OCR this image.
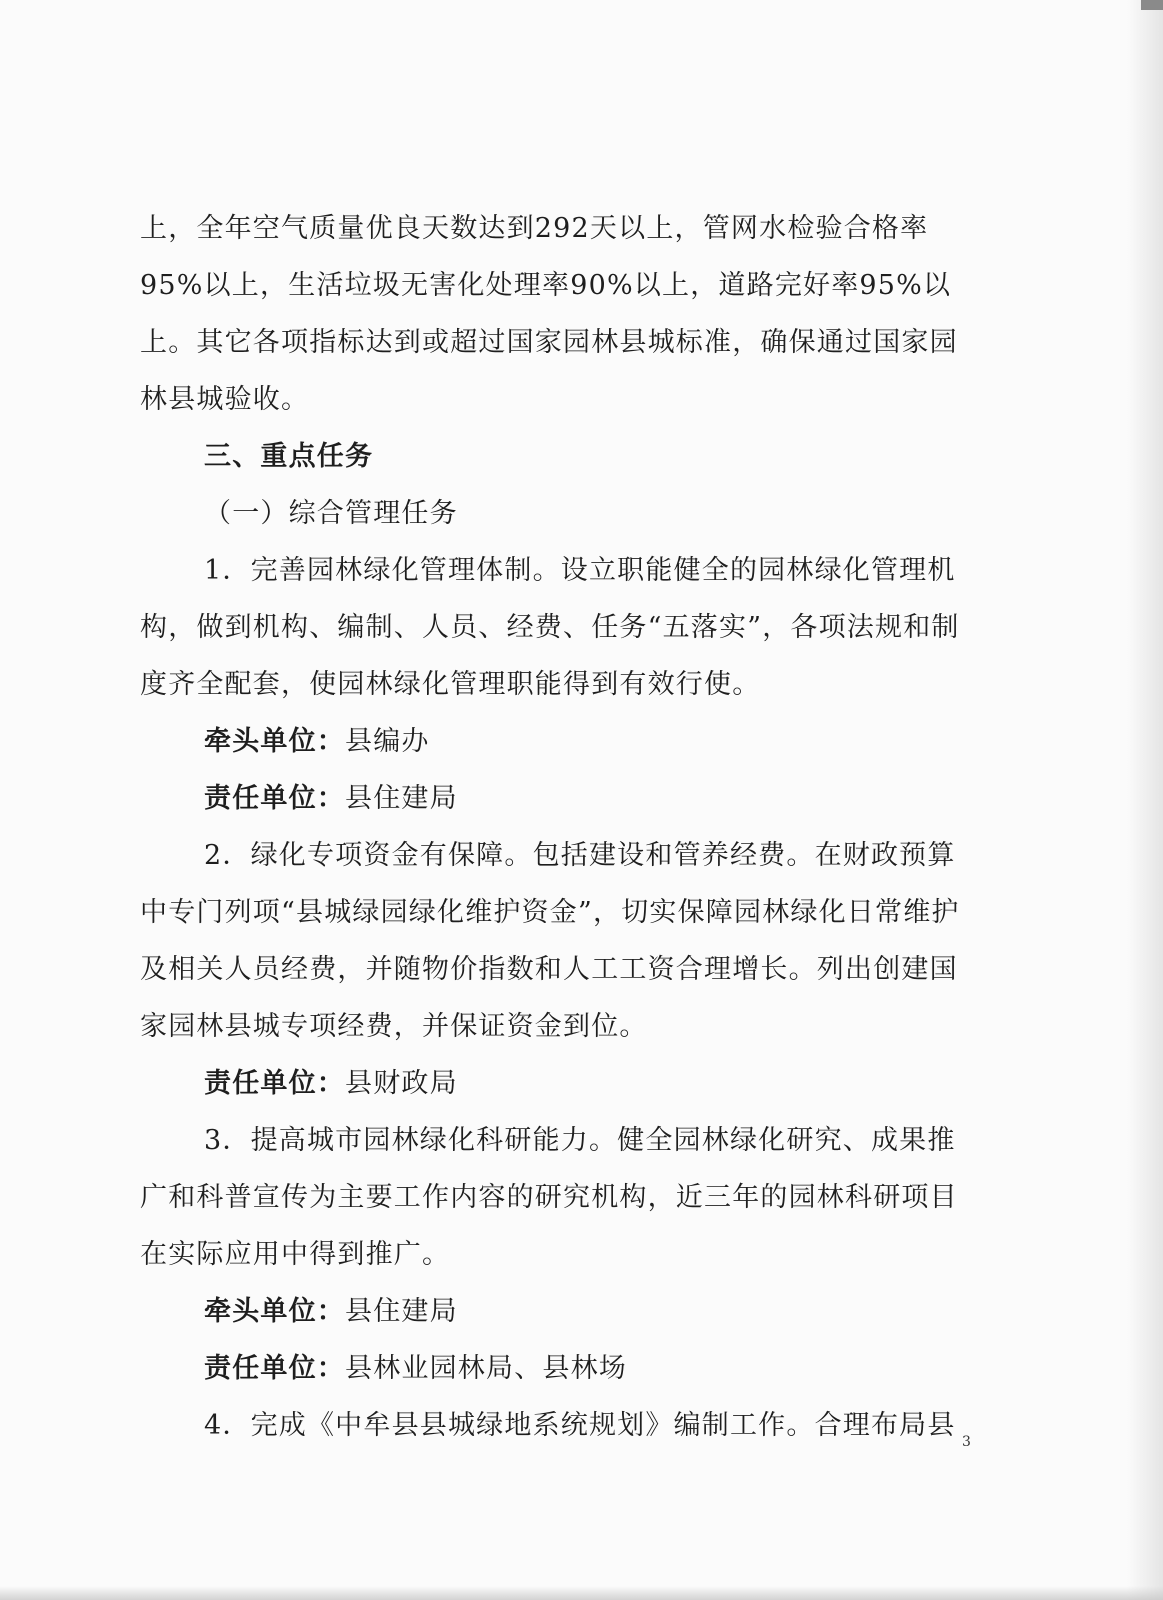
上，全年空气质量优良天数达到292天以上，管网水检验合格率95%以上，生活垃圾无害化处理率90%以上，道路完好率95%以上。其它各项指标达到或超过国家园林县城标准，确保通过国家园林县城验收。

三、重点任务

（一）综合管理任务

1．完善园林绿化管理体制。设立职能健全的园林绿化管理机构，做到机构、编制、人员、经费、任务“五落实”，各项法规和制度齐全配套，使园林绿化管理职能得到有效行使。

牵头单位：县编办

责任单位：县住建局

2．绿化专项资金有保障。包括建设和管养经费。在财政预算中专门列项“县城绿园绿化维护资金”，切实保障园林绿化日常维护及相关人员经费，并随物价指数和人工工资合理增长。列出创建国家园林县城专项经费，并保证资金到位。

责任单位：县财政局

3．提高城市园林绿化科研能力。健全园林绿化研究、成果推广和科普宣传为主要工作内容的研究机构，近三年的园林科研项目在实际应用中得到推广。

牵头单位：县住建局

责任单位：县林业园林局、县林场

4．完成《中牟县县城绿地系统规划》编制工作。合理布局县

3
